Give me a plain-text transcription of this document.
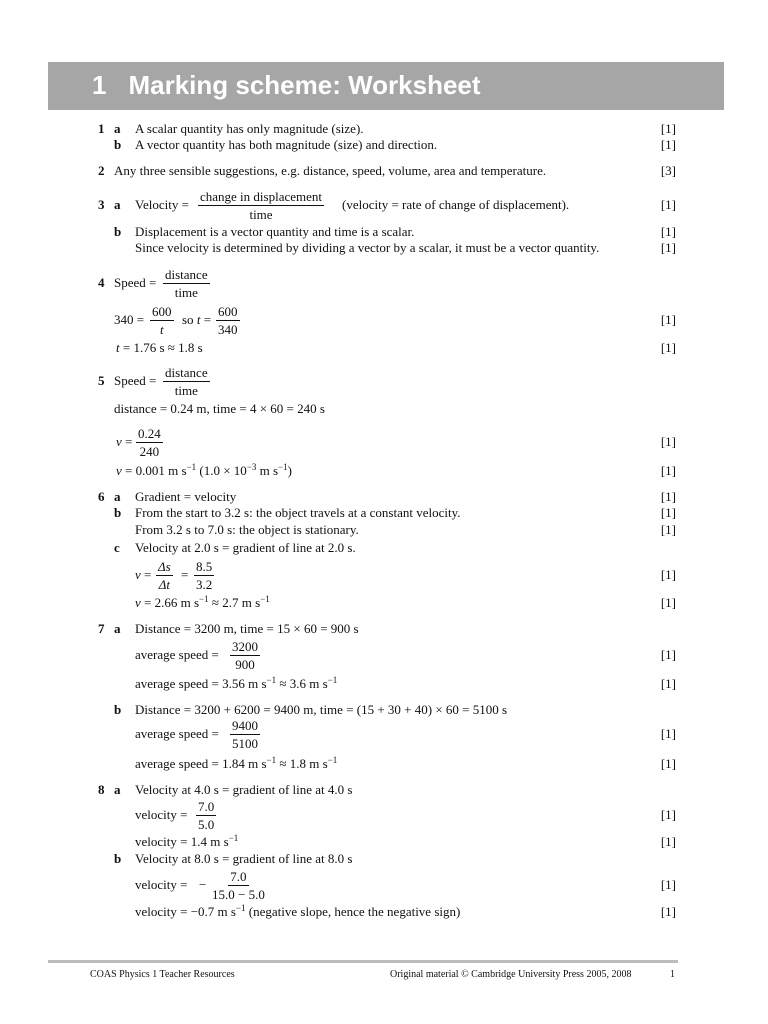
1 Marking scheme: Worksheet
1 a A scalar quantity has only magnitude (size).	[1]
b A vector quantity has both magnitude (size) and direction.	[1]
2 Any three sensible suggestions, e.g. distance, speed, volume, area and temperature.	[3]
3 a Velocity =
change in displacement
time
(velocity = rate of change of displacement).	[1]
b Displacement is a vector quantity and time is a scalar.	[1]
Since velocity is determined by dividing a vector by a scalar, it must be a vector quantity.	[1]
4 Speed =
distance
time
$340 = \frac{600}{t}$ so $t = \frac{600}{340}$	[1]
t = 1.76 s ≈ 1.8 s	[1]
5 Speed =
distance
time
distance = 0.24 m, time = 4 × 60 = 240 s
$v = \frac{0.24}{240}$	[1]
v = 0.001 m $s^{-1}$ ($1.0 \times 10^{-3}$ m $s^{-1}$)	[1]
6 a Gradient = velocity	[1]
b From the start to 3.2 s: the object travels at a constant velocity.	[1]
From 3.2 s to 7.0 s: the object is stationary.	[1]
c Velocity at 2.0 s = gradient of line at 2.0 s.
$v = \frac{\Delta s}{\Delta t} = \frac{8.5}{3.2}$	[1]
v = 2.66 m $s^{-1} \approx 2.7$ m $s^{-1}$	[1]
7 a Distance = 3200 m, time = 15 × 60 = 900 s
average speed = $\frac{3200}{900}$	[1]
average speed = 3.56 m $s^{-1} \approx 3.6$ m $s^{-1}$	[1]
b Distance = 3200 + 6200 = 9400 m, time = (15 + 30 + 40) × 60 = 5100 s
average speed = $\frac{9400}{5100}$	[1]
average speed = 1.84 m $s^{-1} \approx 1.8$ m $s^{-1}$	[1]
8 a Velocity at 4.0 s = gradient of line at 4.0 s
velocity = $\frac{7.0}{5.0}$	[1]
velocity = 1.4 m $s^{-1}$	[1]
b Velocity at 8.0 s = gradient of line at 8.0 s
velocity = − $\frac{7.0}{15.0 - 5.0}$	[1]
velocity = −0.7 m $s^{-1}$ (negative slope, hence the negative sign)	[1]
COAS Physics 1 Teacher Resources	Original material © Cambridge University Press 2005, 2008	1
